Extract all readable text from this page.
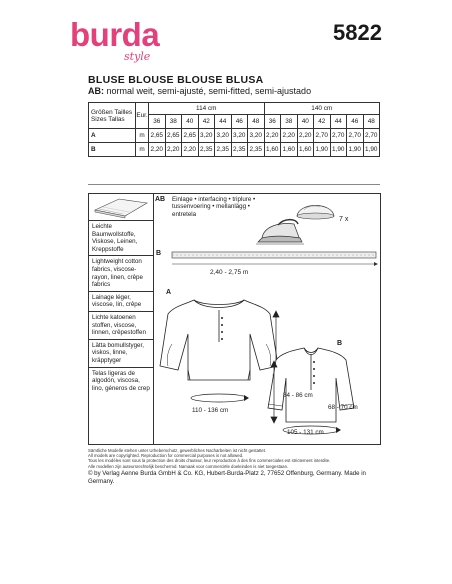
burda
style
5822
BLUSE BLOUSE BLOUSE BLUSA
AB: normal weit, semi-ajusté, semi-fitted, semi-ajustado
Größen Tailles
Sizes Tallas	Eur.	114 cm							140 cm						
		36	38	40	42	44	46	48	36	38	40	42	44	46	48
A	m	2,65	2,65	2,65	3,20	3,20	3,20	3,20	2,20	2,20	2,20	2,70	2,70	2,70	2,70
B	m	2,20	2,20	2,20	2,35	2,35	2,35	2,35	1,60	1,60	1,60	1,90	1,90	1,90	1,90
Leichte Baumwollstoffe, Viskose, Leinen, Kreppstoffe
Lightweight cotton fabrics, viscose-rayon, linen, crêpe fabrics
Lainage léger, viscose, lin, crêpe
Lichte katoenen stoffen, viscose, linnen, crêpestoffen
Lätta bomullstyger, viskos, linne, kräpptyger
Telas ligeras de algodón, viscosa, lino, géneros de crep
AB Einlage • interfacing • triplure • tussenvoering • mellanlägg • entretela
7 x
B
2,40 - 2,75 m
A
B
84 - 86 cm
110 - 136 cm	68 - 70 cm
105 - 131 cm
Sämtliche Modelle stehen unter Urheberschutz, gewerbliches Nacharbeiten ist nicht gestattet.
All models are copyrighted. Reproduction for commercial purposes is not allowed.
Tous les modèles sont sous la protection des droits d'auteur, leur reproduction à des fins commerciales est strictement interdite.
Alle modellen zijn auteursrechtelijk beschermd. Namaak voor commerciële doeleinden is niet toegestaan.
© by Verlag Aenne Burda GmbH & Co. KG, Hubert-Burda-Platz 2, 77652 Offenburg, Germany. Made in Germany.
